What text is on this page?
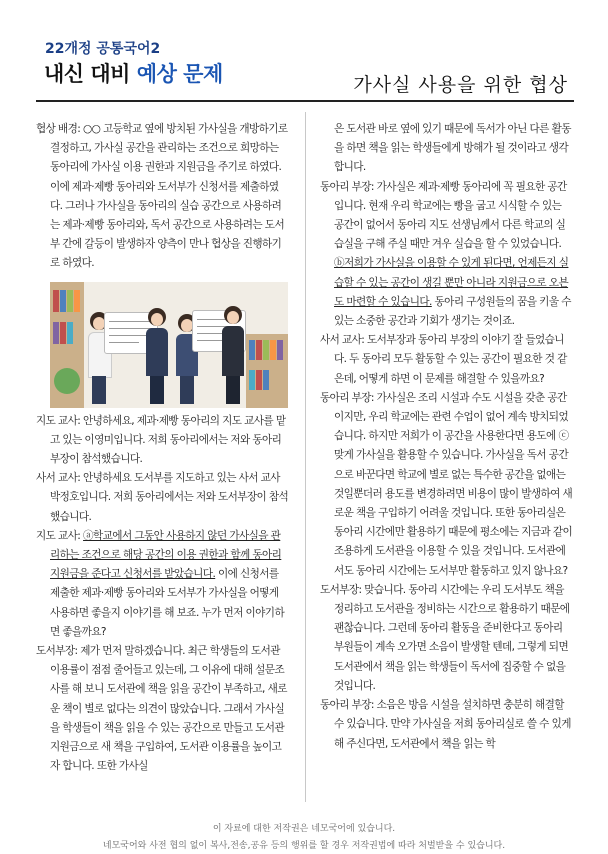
22개정 공통국어2
내신 대비 예상 문제	가사실 사용을 위한 협상

협상 배경: ○○ 고등학교 옆에 방치된 가사실을 개방하기로 결정하고, 가사실 공간을 관리하는 조건으로 희망하는 동아리에 가사실 이용 권한과 지원금을 주기로 하였다. 이에 제과·제빵 동아리와 도서부가 신청서를 제출하였다. 그러나 가사실을 동아리의 실습 공간으로 사용하려는 제과·제빵 동아리와, 독서 공간으로 사용하려는 도서부 간에 갈등이 발생하자 양측이 만나 협상을 진행하기로 하였다.

지도 교사: 안녕하세요, 제과·제빵 동아리의 지도 교사를 맡고 있는 이영미입니다. 저희 동아리에서는 저와 동아리 부장이 참석했습니다.

사서 교사: 안녕하세요 도서부를 지도하고 있는 사서 교사 박정호입니다. 저희 동아리에서는 저와 도서부장이 참석했습니다.

지도 교사: ⓐ학교에서 그동안 사용하지 않던 가사실을 관리하는 조건으로 해당 공간의 이용 권한과 함께 동아리 지원금을 준다고 신청서를 받았습니다. 이에 신청서를 제출한 제과·제빵 동아리와 도서부가 가사실을 어떻게 사용하면 좋을지 이야기를 해 보죠. 누가 먼저 이야기하면 좋을까요?

도서부장: 제가 먼저 말하겠습니다. 최근 학생들의 도서관 이용률이 점점 줄어들고 있는데, 그 이유에 대해 설문조사를 해 보니 도서관에 책을 읽을 공간이 부족하고, 새로운 책이 별로 없다는 의견이 많았습니다. 그래서 가사실을 학생들이 책을 읽을 수 있는 공간으로 만들고 도서관 지원금으로 새 책을 구입하여, 도서관 이용률을 높이고자 합니다. 또한 가사실

은 도서관 바로 옆에 있기 때문에 독서가 아닌 다른 활동을 하면 책을 읽는 학생들에게 방해가 될 것이라고 생각합니다.

동아리 부장: 가사실은 제과·제빵 동아리에 꼭 필요한 공간입니다. 현재 우리 학교에는 빵을 굽고 시식할 수 있는 공간이 없어서 동아리 지도 선생님께서 다른 학교의 실습실을 구해 주실 때만 겨우 실습을 할 수 있었습니다. ⓑ저희가 가사실을 이용할 수 있게 된다면, 언제든지 실습할 수 있는 공간이 생길 뿐만 아니라 지원금으로 오븐도 마련할 수 있습니다. 동아리 구성원들의 꿈을 키울 수 있는 소중한 공간과 기회가 생기는 것이죠.

사서 교사: 도서부장과 동아리 부장의 이야기 잘 들었습니다. 두 동아리 모두 활동할 수 있는 공간이 필요한 것 같은데, 어떻게 하면 이 문제를 해결할 수 있을까요?

동아리 부장: 가사실은 조리 시설과 수도 시설을 갖춘 공간이지만, 우리 학교에는 관련 수업이 없어 계속 방치되었습니다. 하지만 저희가 이 공간을 사용한다면 용도에 ⓒ맞게 가사실을 활용할 수 있습니다. 가사실을 독서 공간으로 바꾼다면 학교에 별로 없는 특수한 공간을 없애는 것일뿐더러 용도를 변경하려면 비용이 많이 발생하여 새로운 책을 구입하기 어려울 것입니다. 또한 동아리실은 동아리 시간에만 활용하기 때문에 평소에는 지금과 같이 조용하게 도서관을 이용할 수 있을 것입니다. 도서관에서도 동아리 시간에는 도서부만 활동하고 있지 않나요?

도서부장: 맞습니다. 동아리 시간에는 우리 도서부도 책을 정리하고 도서관을 정비하는 시간으로 활용하기 때문에 괜찮습니다. 그런데 동아리 활동을 준비한다고 동아리 부원들이 계속 오가면 소음이 발생할 텐데, 그렇게 되면 도서관에서 책을 읽는 학생들이 독서에 집중할 수 없을 것입니다.

동아리 부장: 소음은 방음 시설을 설치하면 충분히 해결할 수 있습니다. 만약 가사실을 저희 동아리실로 쓸 수 있게 해 주신다면, 도서관에서 책을 읽는 학

이 자료에 대한 저작권은 네모국어에 있습니다.
네모국어와 사전 협의 없이 복사,전송,공유 등의 행위를 할 경우 저작권법에 따라 처벌받을 수 있습니다.
